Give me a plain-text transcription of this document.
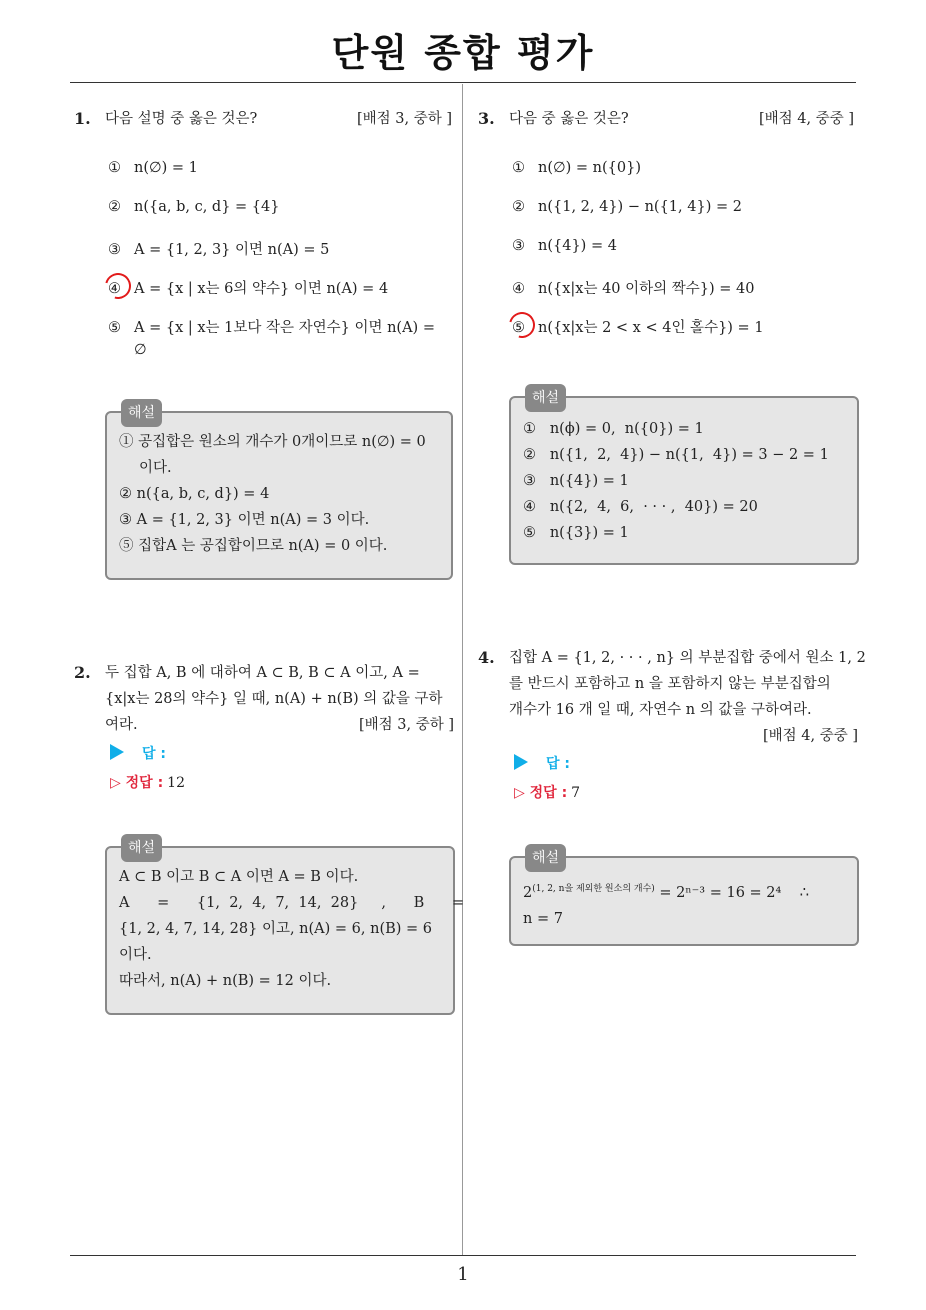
단원 종합 평가
1
1. 다음 설명 중 옳은 것은?	[배점 3, 중하 ]
① n(∅) = 1
② n({a, b, c, d} = {4}
③ A = {1, 2, 3} 이면 n(A) = 5
④ A = {x | x는 6의 약수} 이면 n(A) = 4
⑤ A = {x | x는 1보다 작은 자연수} 이면 n(A) =
∅
해설
① 공집합은 원소의 개수가 0개이므로 n(∅) = 0
이다.
② n({a, b, c, d}) = 4
③ A = {1, 2, 3} 이면 n(A) = 3 이다.
⑤ 집합A 는 공집합이므로 n(A) = 0 이다.
2. 두 집합 A, B 에 대하여 A ⊂ B, B ⊂ A 이고, A =
{x|x는 28의 약수} 일 때, n(A) + n(B) 의 값을 구하
여라.	[배점 3, 중하 ]
답 :
▷ 정답 : 12
해설
A ⊂ B 이고 B ⊂ A 이면 A = B 이다.
A      =      {1,  2,  4,  7,  14,  28}     ,      B      =
{1, 2, 4, 7, 14, 28} 이고, n(A) = 6, n(B) = 6
이다.
따라서, n(A) + n(B) = 12 이다.
3. 다음 중 옳은 것은?	[배점 4, 중중 ]
① n(∅) = n({0})
② n({1, 2, 4}) − n({1, 4}) = 2
③ n({4}) = 4
④ n({x|x는 40 이하의 짝수}) = 40
⑤ n({x|x는 2 < x < 4인 홀수}) = 1
해설
①   n(ϕ) = 0,  n({0}) = 1
②   n({1,  2,  4}) − n({1,  4}) = 3 − 2 = 1
③   n({4}) = 1
④   n({2,  4,  6,  · · · ,  40}) = 20
⑤   n({3}) = 1
4. 집합 A = {1, 2, · · · , n} 의 부분집합 중에서 원소 1, 2
를 반드시 포함하고 n 을 포함하지 않는 부분집합의
개수가 16 개 일 때, 자연수 n 의 값을 구하여라.
[배점 4, 중중 ]
답 :
▷ 정답 : 7
해설
$2^{(1, 2, n을 제외한 원소의 개수)} = 2^{n-3} = 16 = 2^4$    ∴
n = 7
